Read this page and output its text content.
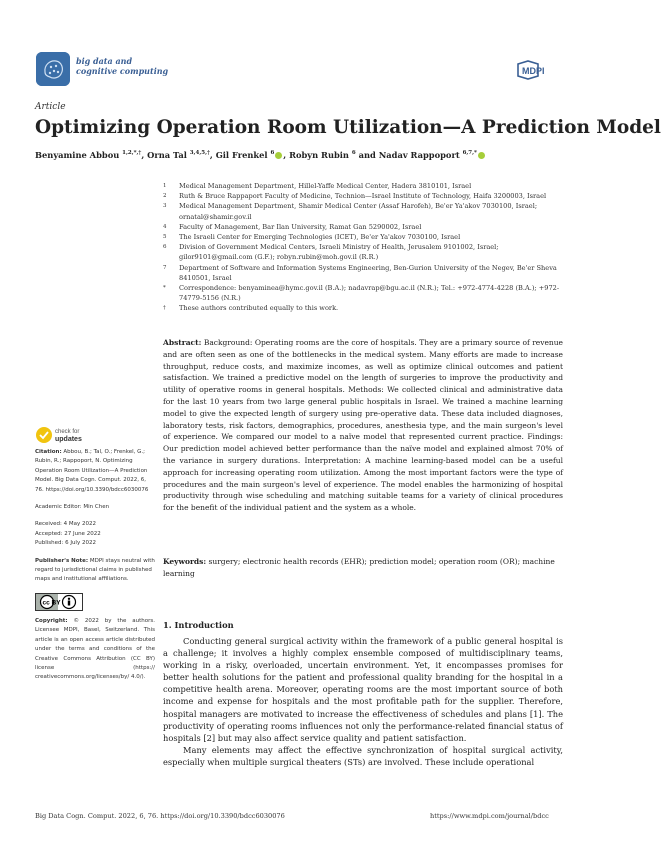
big data and
cognitive computing	MDPI
Article
Optimizing Operation Room Utilization—A Prediction Model
Benyamine Abbou $^{1,2,*,\dagger}$, Orna Tal $^{3,4,5,\dagger}$, Gil Frenkel $^6$ , Robyn Rubin $^6$ and Nadav Rappoport $^{6,7,*}$
1 Medical Management Department, Hillel-Yaffe Medical Center, Hadera 3810101, Israel
2 Ruth & Bruce Rappaport Faculty of Medicine, Technion—Israel Institute of Technology, Haifa 3200003, Israel
3 Medical Management Department, Shamir Medical Center (Assaf Harofeh), Be'er Ya'akov 7030100, Israel; ornatal@shamir.gov.il
4 Faculty of Management, Bar Ilan University, Ramat Gan 5290002, Israel
5 The Israeli Center for Emerging Technologies (ICET), Be'er Ya'akov 7030100, Israel
6 Division of Government Medical Centers, Israeli Ministry of Health, Jerusalem 9101002, Israel; gilor9101@gmail.com (G.F.); robyn.rubin@moh.gov.il (R.R.)
7 Department of Software and Information Systems Engineering, Ben-Gurion University of the Negev, Be'er Sheva 8410501, Israel
* Correspondence: benyamineа@hymc.gov.il (B.A.); nadavrap@bgu.ac.il (N.R.); Tel.: +972-4774-4228 (B.A.); +972-74779-5156 (N.R.)
† These authors contributed equally to this work.
Abstract: Background: Operating rooms are the core of hospitals. They are a primary source of revenue and are often seen as one of the bottlenecks in the medical system. Many efforts are made to increase throughput, reduce costs, and maximize incomes, as well as optimize clinical outcomes and patient satisfaction. We trained a predictive model on the length of surgeries to improve the productivity and utility of operative rooms in general hospitals. Methods: We collected clinical and administrative data for the last 10 years from two large general public hospitals in Israel. We trained a machine learning model to give the expected length of surgery using pre-operative data. These data included diagnoses, laboratory tests, risk factors, demographics, procedures, anesthesia type, and the main surgeon's level of experience. We compared our model to a naïve model that represented current practice. Findings: Our prediction model achieved better performance than the naïve model and explained almost 70% of the variance in surgery durations. Interpretation: A machine learning-based model can be a useful approach for increasing operating room utilization. Among the most important factors were the type of procedures and the main surgeon's level of experience. The model enables the harmonizing of hospital productivity through wise scheduling and matching suitable teams for a variety of clinical procedures for the benefit of the individual patient and the system as a whole.
Keywords: surgery; electronic health records (EHR); prediction model; operation room (OR); machine learning
check for
updates
Citation: Abbou, B.; Tal, O.; Frenkel, G.; Rubin, R.; Rappoport, N. Optimizing Operation Room Utilization—A Prediction Model. Big Data Cogn. Comput. 2022, 6, 76. https://doi.org/10.3390/bdcc6030076
Academic Editor: Min Chen
Received: 4 May 2022
Accepted: 27 June 2022
Published: 6 July 2022
Publisher's Note: MDPI stays neutral with regard to jurisdictional claims in published maps and institutional affiliations.
cc BY
Copyright: © 2022 by the authors. Licensee MDPI, Basel, Switzerland. This article is an open access article distributed under the terms and conditions of the Creative Commons Attribution (CC BY) license (https:// creativecommons.org/licenses/by/ 4.0/).
1. Introduction

Conducting general surgical activity within the framework of a public general hospital is a challenge; it involves a highly complex ensemble composed of multidisciplinary teams, working in a risky, overloaded, uncertain environment. Yet, it encompasses promises for better health solutions for the patient and professional quality branding for the hospital in a competitive health arena. Moreover, operating rooms are the most important source of both income and expense for hospitals and the most profitable path for the supplier. Therefore, hospital managers are motivated to increase the effectiveness of schedules and plans [1]. The productivity of operating rooms influences not only the performance-related financial status of hospitals [2] but may also affect service quality and patient satisfaction.

Many elements may affect the effective synchronization of hospital surgical activity, especially when multiple surgical theaters (STs) are involved. These include operational

Big Data Cogn. Comput. 2022, 6, 76. https://doi.org/10.3390/bdcc6030076	https://www.mdpi.com/journal/bdcc
